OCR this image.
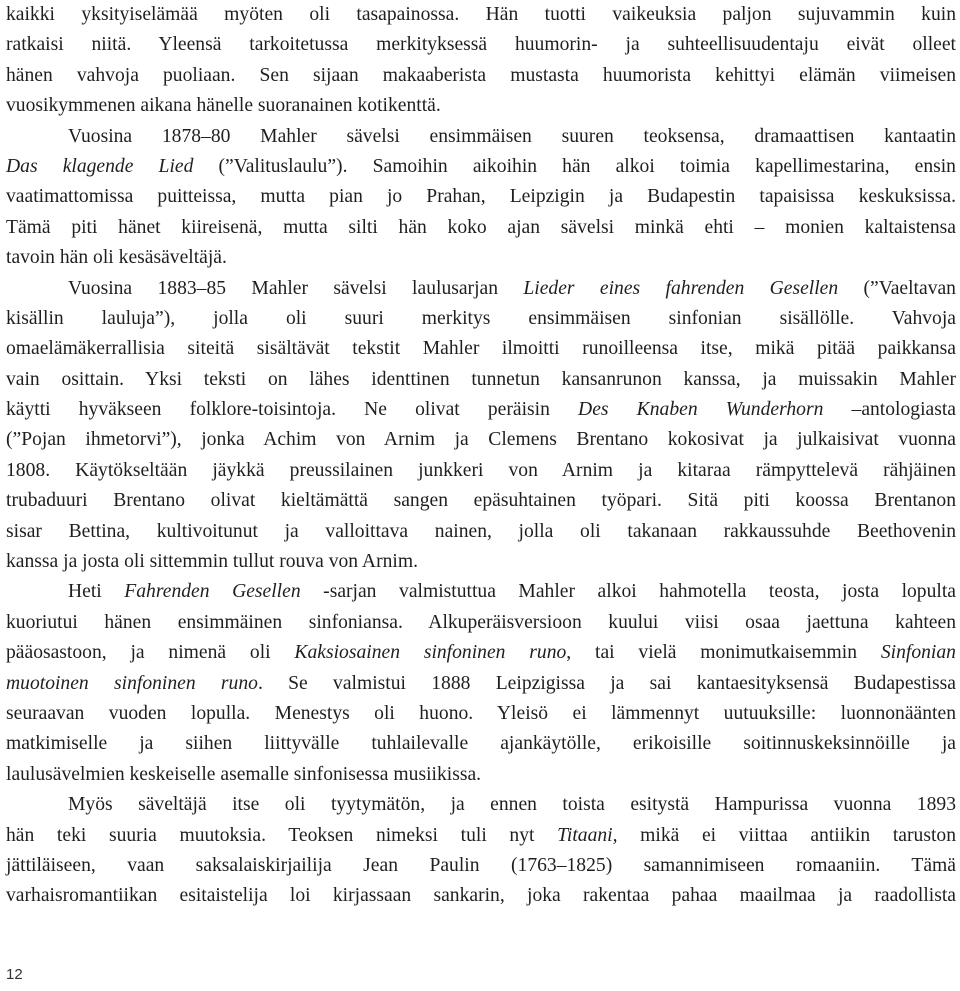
kaikki yksityiselämää myöten oli tasapainossa. Hän tuotti vaikeuksia paljon sujuvammin kuin
ratkaisi niitä. Yleensä tarkoitetussa merkityksessä huumorin- ja suhteellisuudentaju eivät olleet
hänen vahvoja puoliaan. Sen sijaan makaaberista mustasta huumorista kehittyi elämän viimeisen
vuosikymmenen aikana hänelle suoranainen kotikenttä.
Vuosina 1878–80 Mahler sävelsi ensimmäisen suuren teoksensa, dramaattisen kantaatin
Das klagende Lied (”Valituslaulu”). Samoihin aikoihin hän alkoi toimia kapellimestarina, ensin
vaatimattomissa puitteissa, mutta pian jo Prahan, Leipzigin ja Budapestin tapaisissa keskuksissa.
Tämä piti hänet kiireisenä, mutta silti hän koko ajan sävelsi minkä ehti – monien kaltaistensa
tavoin hän oli kesäsäveltäjä.
Vuosina 1883–85 Mahler sävelsi laulusarjan Lieder eines fahrenden Gesellen (”Vaeltavan
kisällin lauluja”), jolla oli suuri merkitys ensimmäisen sinfonian sisällölle. Vahvoja
omaelämäkerrallisia siteitä sisältävät tekstit Mahler ilmoitti runoilleensa itse, mikä pitää paikkansa
vain osittain. Yksi teksti on lähes identtinen tunnetun kansanrunon kanssa, ja muissakin Mahler
käytti hyväkseen folklore-toisintoja. Ne olivat peräisin Des Knaben Wunderhorn –antologiasta
(”Pojan ihmetorvi”), jonka Achim von Arnim ja Clemens Brentano kokosivat ja julkaisivat vuonna
1808. Käytökseltään jäykkä preussilainen junkkeri von Arnim ja kitaraa rämpyttelevä rähjäinen
trubaduuri Brentano olivat kieltämättä sangen epäsuhtainen työpari. Sitä piti koossa Brentanon
sisar Bettina, kultivoitunut ja valloittava nainen, jolla oli takanaan rakkaussuhde Beethovenin
kanssa ja josta oli sittemmin tullut rouva von Arnim.
Heti Fahrenden Gesellen -sarjan valmistuttua Mahler alkoi hahmotella teosta, josta lopulta
kuoriutui hänen ensimmäinen sinfoniansa. Alkuperäisversioon kuului viisi osaa jaettuna kahteen
pääosastoon, ja nimenä oli Kaksiosainen sinfoninen runo, tai vielä monimutkaisemmin Sinfonian
muotoinen sinfoninen runo. Se valmistui 1888 Leipzigissa ja sai kantaesityksensä Budapestissa
seuraavan vuoden lopulla. Menestys oli huono. Yleisö ei lämmennyt uutuuksille: luonnonäänten
matkimiselle ja siihen liittyvälle tuhlailevalle ajankäytölle, erikoisille soitinnuskeksinnöille ja
laulusävelmien keskeiselle asemalle sinfonisessa musiikissa.
Myös säveltäjä itse oli tyytymätön, ja ennen toista esitystä Hampurissa vuonna 1893
hän teki suuria muutoksia. Teoksen nimeksi tuli nyt Titaani, mikä ei viittaa antiikin taruston
jättiläiseen, vaan saksalaiskirjailija Jean Paulin (1763–1825) samannimiseen romaaniin. Tämä
varhaisromantiikan esitaistelija loi kirjassaan sankarin, joka rakentaa pahaa maailmaa ja raadollista
12
